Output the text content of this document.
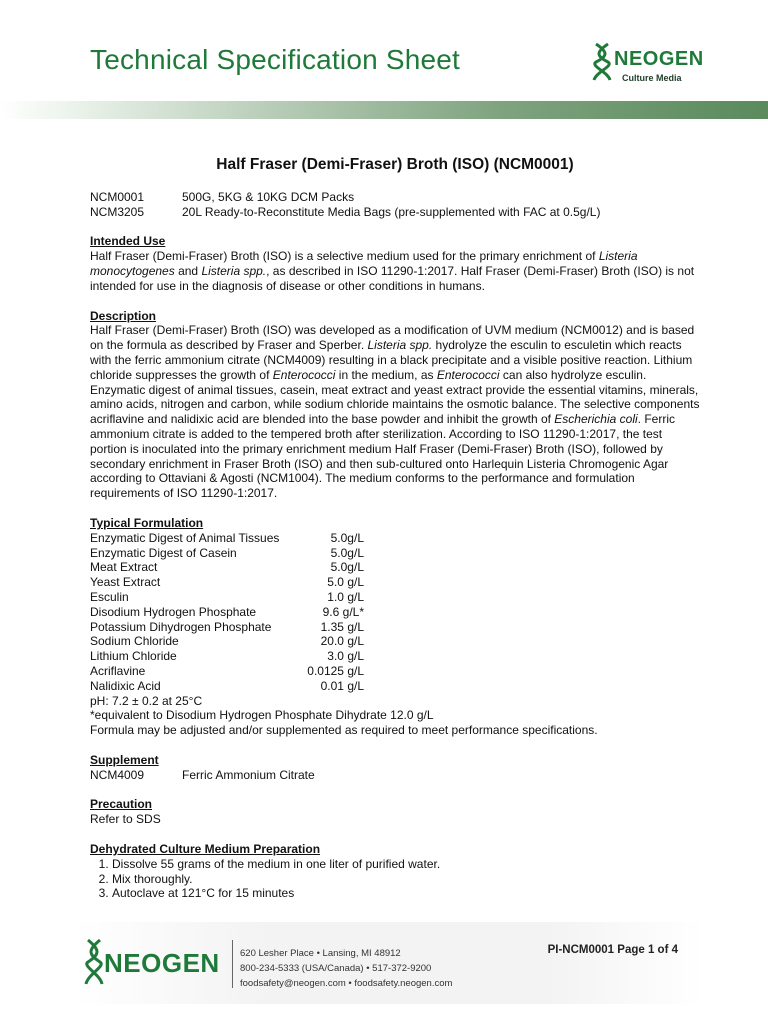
Technical Specification Sheet	NEOGEN
Culture Media
Half Fraser (Demi-Fraser) Broth (ISO) (NCM0001)
NCM0001	500G, 5KG & 10KG DCM Packs
NCM3205	20L Ready-to-Reconstitute Media Bags (pre-supplemented with FAC at 0.5g/L)
Intended Use

Half Fraser (Demi-Fraser) Broth (ISO) is a selective medium used for the primary enrichment of Listeria monocytogenes and Listeria spp., as described in ISO 11290-1:2017. Half Fraser (Demi-Fraser) Broth (ISO) is not intended for use in the diagnosis of disease or other conditions in humans.

Description

Half Fraser (Demi-Fraser) Broth (ISO) was developed as a modification of UVM medium (NCM0012) and is based on the formula as described by Fraser and Sperber. Listeria spp. hydrolyze the esculin to esculetin which reacts with the ferric ammonium citrate (NCM4009) resulting in a black precipitate and a visible positive reaction. Lithium chloride suppresses the growth of Enterococci in the medium, as Enterococci can also hydrolyze esculin. Enzymatic digest of animal tissues, casein, meat extract and yeast extract provide the essential vitamins, minerals, amino acids, nitrogen and carbon, while sodium chloride maintains the osmotic balance. The selective components acriflavine and nalidixic acid are blended into the base powder and inhibit the growth of Escherichia coli. Ferric ammonium citrate is added to the tempered broth after sterilization. According to ISO 11290-1:2017, the test portion is inoculated into the primary enrichment medium Half Fraser (Demi-Fraser) Broth (ISO), followed by secondary enrichment in Fraser Broth (ISO) and then sub-cultured onto Harlequin Listeria Chromogenic Agar according to Ottaviani & Agosti (NCM1004). The medium conforms to the performance and formulation requirements of ISO 11290-1:2017.

Typical Formulation
Enzymatic Digest of Animal Tissues	5.0g/L
Enzymatic Digest of Casein	5.0g/L
Meat Extract	5.0g/L
Yeast Extract	5.0 g/L
Esculin	1.0 g/L
Disodium Hydrogen Phosphate	9.6 g/L*
Potassium Dihydrogen Phosphate	1.35 g/L
Sodium Chloride	20.0 g/L
Lithium Chloride	3.0 g/L
Acriflavine	0.0125 g/L
Nalidixic Acid	0.01 g/L

pH: 7.2 ± 0.2 at 25°C

*equivalent to Disodium Hydrogen Phosphate Dihydrate 12.0 g/L

Formula may be adjusted and/or supplemented as required to meet performance specifications.

Supplement
NCM4009	Ferric Ammonium Citrate
Precaution

Refer to SDS

Dehydrated Culture Medium Preparation
1. Dissolve 55 grams of the medium in one liter of purified water.
2. Mix thoroughly.
3. Autoclave at 121°C for 15 minutes
NEOGEN 620 Lesher Place • Lansing, MI 48912
800-234-5333 (USA/Canada) • 517-372-9200
foodsafety@neogen.com • foodsafety.neogen.com
PI-NCM0001 Page 1 of 4
